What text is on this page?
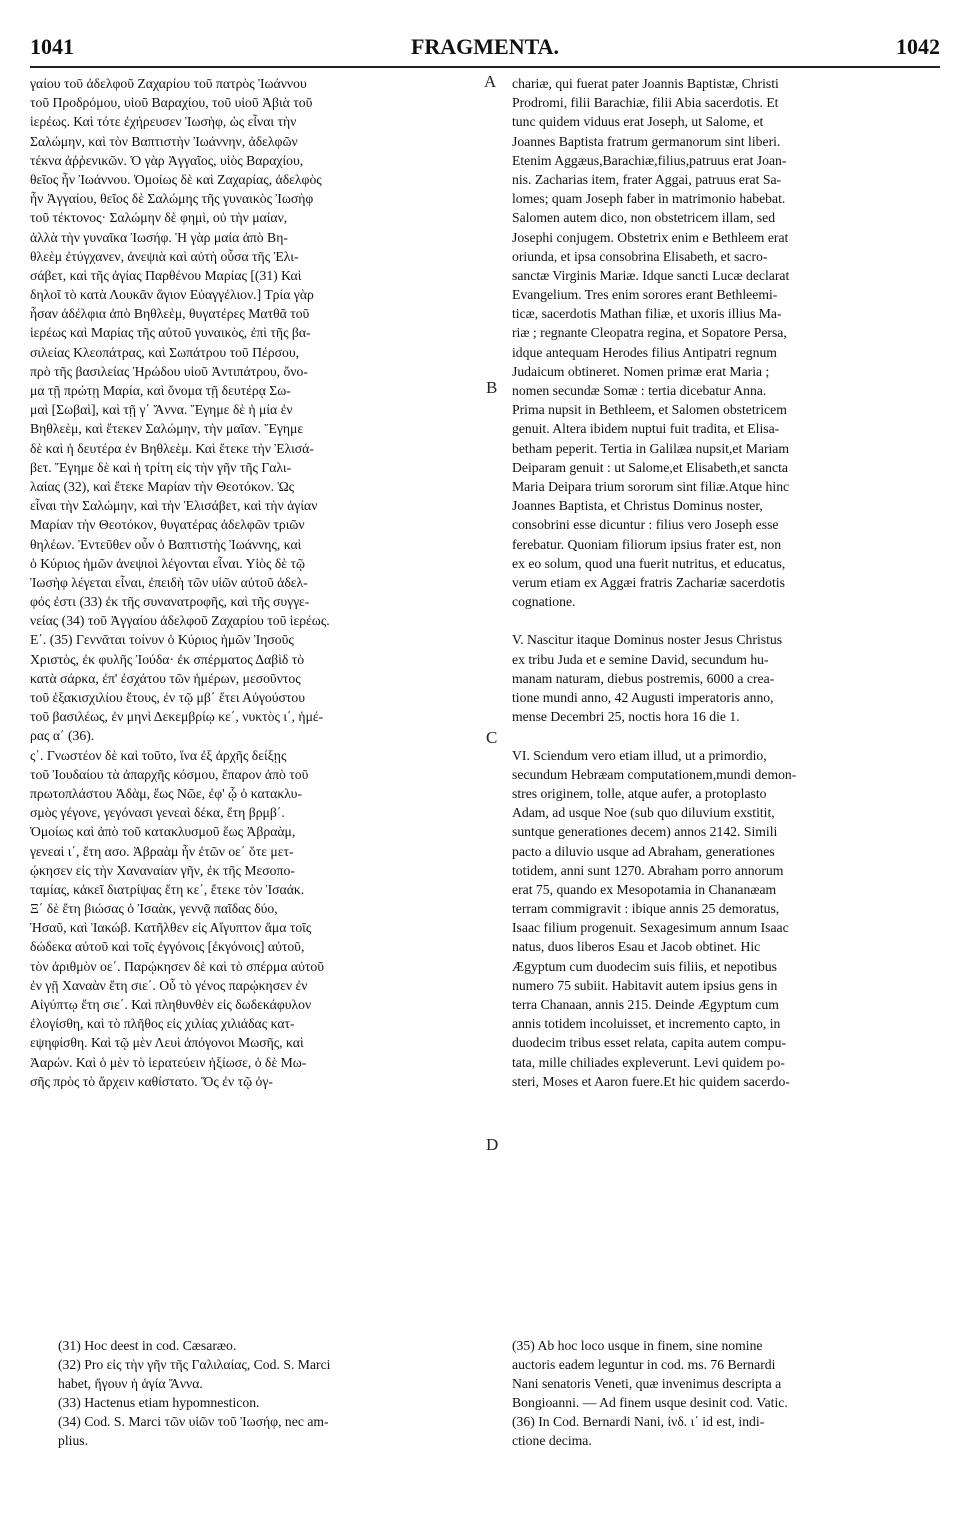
1041	FRAGMENTA.	1042
γαίου τοῦ ἀδελφοῦ Ζαχαρίου τοῦ πατρὸς Ἰωάννου
τοῦ Προδρόμου, υἱοῦ Βαραχίου, τοῦ υἱοῦ Ἀβιὰ τοῦ
ἱερέως. Καὶ τότε ἐχήρευσεν Ἰωσὴφ, ὡς εἶναι τὴν
Σαλώμην, καὶ τὸν Βαπτιστὴν Ἰωάννην, ἀδελφῶν
τέκνα ἀῤῥενικῶν. Ὁ γὰρ Ἀγγαῖος, υἱὸς Βαραχίου,
θεῖος ἦν Ἰωάννου. Ὁμοίως δὲ καὶ Ζαχαρίας, ἀδελφὸς
ἦν Ἀγγαίου, θεῖος δὲ Σαλώμης τῆς γυναικὸς Ἰωσὴφ
τοῦ τέκτονος· Σαλώμην δὲ φημὶ, οὐ τὴν μαίαν,
ἀλλὰ τὴν γυναῖκα Ἰωσήφ. Ἡ γὰρ μαία ἀπὸ Βη-
θλεὲμ ἐτύγχανεν, ἀνεψιὰ καὶ αὐτὴ οὖσα τῆς Ἐλι-
σάβετ, καὶ τῆς ἁγίας Παρθένου Μαρίας [(31) Καὶ
δηλοῖ τὸ κατὰ Λουκᾶν ἅγιον Εὐαγγέλιον.] Τρία γὰρ
ἦσαν ἀδέλφια ἀπὸ Βηθλεὲμ, θυγατέρες Ματθᾶ τοῦ
ἱερέως καὶ Μαρίας τῆς αὐτοῦ γυναικὸς, ἐπὶ τῆς βα-
σιλείας Κλεοπάτρας, καὶ Σωπάτρου τοῦ Πέρσου,
πρὸ τῆς βασιλείας Ἡρώδου υἱοῦ Ἀντιπάτρου, ὄνο-
μα τῇ πρώτῃ Μαρία, καὶ ὄνομα τῇ δευτέρᾳ Σω-
μαὶ [Σωβαὶ], καὶ τῇ γ΄ Ἄννα. Ἔγημε δὲ ἡ μία ἐν
Βηθλεὲμ, καὶ ἔτεκεν Σαλώμην, τὴν μαῖαν. Ἔγημε
δὲ καὶ ἡ δευτέρα ἐν Βηθλεὲμ. Καὶ ἔτεκε τὴν Ἐλισά-
βετ. Ἔγημε δὲ καὶ ἡ τρίτη εἰς τὴν γῆν τῆς Γαλι-
λαίας (32), καὶ ἔτεκε Μαρίαν τὴν Θεοτόκον. Ὡς
εἶναι τὴν Σαλώμην, καὶ τὴν Ἐλισάβετ, καὶ τὴν ἁγίαν
Μαρίαν τὴν Θεοτόκον, θυγατέρας ἀδελφῶν τριῶν
θηλέων. Ἐντεῦθεν οὖν ὁ Βαπτιστὴς Ἰωάννης, καὶ
ὁ Κύριος ἡμῶν ἀνεψιοὶ λέγονται εἶναι. Υἱὸς δὲ τῷ
Ἰωσὴφ λέγεται εἶναι, ἐπειδὴ τῶν υἱῶν αὐτοῦ ἀδελ-
φός ἐστι (33) ἐκ τῆς συνανατροφῆς, καὶ τῆς συγγε-
νείας (34) τοῦ Ἀγγαίου ἀδελφοῦ Ζαχαρίου τοῦ ἱερέως.
Ε΄. (35) Γεννᾶται τοίνυν ὁ Κύριος ἡμῶν Ἰησοῦς
Χριστὸς, ἐκ φυλῆς Ἰούδα· ἐκ σπέρματος Δαβὶδ τὸ
κατὰ σάρκα, ἐπ' ἐσχάτου τῶν ἡμέρων, μεσοῦντος
τοῦ ἑξακισχιλίου ἔτους, ἐν τῷ μβ΄ ἔτει Αὐγούστου
τοῦ βασιλέως, ἐν μηνὶ Δεκεμβρίῳ κε΄, νυκτὸς ι΄, ἡμέ-
ρας α΄ (36).
ς΄. Γνωστέον δὲ καὶ τοῦτο, ἵνα ἐξ ἀρχῆς δείξῃς
τοῦ Ἰουδαίου τὰ ἀπαρχῆς κόσμου, ἔπαρον ἀπὸ τοῦ
πρωτοπλάστου Ἀδὰμ, ἕως Νῶε, ἐφ' ᾧ ὁ κατακλυ-
σμὸς γέγονε, γεγόνασι γενεαὶ δέκα, ἔτη βρμβ΄.
Ὁμοίως καὶ ἀπὸ τοῦ κατακλυσμοῦ ἕως Ἀβραὰμ,
γενεαὶ ι΄, ἔτη ασο. Ἀβραὰμ ἦν ἐτῶν οε΄ ὅτε μετ-
ῴκησεν εἰς τὴν Χαναναίαν γῆν, ἐκ τῆς Μεσοπο-
ταμίας, κἀκεῖ διατρίψας ἔτη κε΄, ἔτεκε τὸν Ἰσαάκ.
Ξ΄ δὲ ἔτη βιώσας ὁ Ἰσαὰκ, γεννᾷ παῖδας δύο,
Ἡσαῦ, καὶ Ἰακώβ. Κατῆλθεν εἰς Αἴγυπτον ἅμα τοῖς
δώδεκα αὐτοῦ καὶ τοῖς ἐγγόνοις [ἐκγόνοις] αὐτοῦ,
τὸν ἀριθμὸν οε΄. Παρῴκησεν δὲ καὶ τὸ σπέρμα αὐτοῦ
ἐν γῇ Χαναὰν ἔτη σιε΄. Οὗ τὸ γένος παρῴκησεν ἐν
Αἰγύπτῳ ἔτη σιε΄. Καὶ πληθυνθὲν εἰς δωδεκάφυλον
ἐλογίσθη, καὶ τὸ πλῆθος εἰς χιλίας χιλιάδας κατ-
εψηφίσθη. Καὶ τῷ μὲν Λευὶ ἀπόγονοι Μωσῆς, καὶ
Ἀαρών. Καὶ ὁ μὲν τὸ ἱερατεύειν ἠξίωσε, ὁ δὲ Μω-
σῆς πρὸς τὸ ἄρχειν καθίστατο. Ὅς ἐν τῷ ὀγ-
chariæ, qui fuerat pater Joannis Baptistæ, Christi
Prodromi, filii Barachiæ, filii Abia sacerdotis. Et
tunc quidem viduus erat Joseph, ut Salome, et
Joannes Baptista fratrum germanorum sint liberi.
Etenim Aggæus,Barachiæ,filius,patruus erat Joan-
nis. Zacharias item, frater Aggai, patruus erat Sa-
lomes; quam Joseph faber in matrimonio habebat.
Salomen autem dico, non obstetricem illam, sed
Josephi conjugem. Obstetrix enim e Bethleem erat
oriunda, et ipsa consobrina Elisabeth, et sacro-
sanctæ Virginis Mariæ. Idque sancti Lucæ declarat
Evangelium. Tres enim sorores erant Bethleemi-
ticæ, sacerdotis Mathan filiæ, et uxoris illius Ma-
riæ ; regnante Cleopatra regina, et Sopatore Persa,
idque antequam Herodes filius Antipatri regnum
Judaicum obtineret. Nomen primæ erat Maria ;
nomen secundæ Somæ : tertia dicebatur Anna.
Prima nupsit in Bethleem, et Salomen obstetricem
genuit. Altera ibidem nuptui fuit tradita, et Elisa-
betham peperit. Tertia in Galilæa nupsit,et Mariam
Deiparam genuit : ut Salome,et Elisabeth,et sancta
Maria Deipara trium sororum sint filiæ.Atque hinc
Joannes Baptista, et Christus Dominus noster,
consobrini esse dicuntur : filius vero Joseph esse
ferebatur. Quoniam filiorum ipsius frater est, non
ex eo solum, quod una fuerit nutritus, et educatus,
verum etiam ex Aggæi fratris Zachariæ sacerdotis
cognatione.
V. Nascitur itaque Dominus noster Jesus Christus
ex tribu Juda et e semine David, secundum hu-
manam naturam, diebus postremis, 6000 a crea-
tione mundi anno, 42 Augusti imperatoris anno,
mense Decembri 25, noctis hora 16 die 1.
VI. Sciendum vero etiam illud, ut a primordio,
secundum Hebræam computationem,mundi demon-
stres originem, tolle, atque aufer, a protoplasto
Adam, ad usque Noe (sub quo diluvium exstitit,
suntque generationes decem) annos 2142. Simili
pacto a diluvio usque ad Abraham, generationes
totidem, anni sunt 1270. Abraham porro annorum
erat 75, quando ex Mesopotamia in Chananæam
terram commigravit : ibique annis 25 demoratus,
Isaac filium progenuit. Sexagesimum annum Isaac
natus, duos liberos Esau et Jacob obtinet. Hic
Ægyptum cum duodecim suis filiis, et nepotibus
numero 75 subiit. Habitavit autem ipsius gens in
terra Chanaan, annis 215. Deinde Ægyptum cum
annis totidem incoluisset, et incremento capto, in
duodecim tribus esset relata, capita autem compu-
tata, mille chiliades expleverunt. Levi quidem po-
steri, Moses et Aaron fuere.Et hic quidem sacerdo-
A
B
C
D
(31) Hoc deest in cod. Cæsaræo.
(32) Pro εἰς τὴν γῆν τῆς Γαλιλαίας, Cod. S. Marci
habet, ἤγουν ἡ ἁγία Ἄννα.
(33) Hactenus etiam hypomnesticon.
(34) Cod. S. Marci τῶν υἱῶν τοῦ Ἰωσήφ, nec am-
plius.
(35) Ab hoc loco usque in finem, sine nomine
auctoris eadem leguntur in cod. ms. 76 Bernardi
Nani senatoris Veneti, quæ invenimus descripta a
Bongioanni. — Ad finem usque desinit cod. Vatic.
(36) In Cod. Bernardi Nani, ἰνδ. ι΄ id est, indi-
ctione decima.
